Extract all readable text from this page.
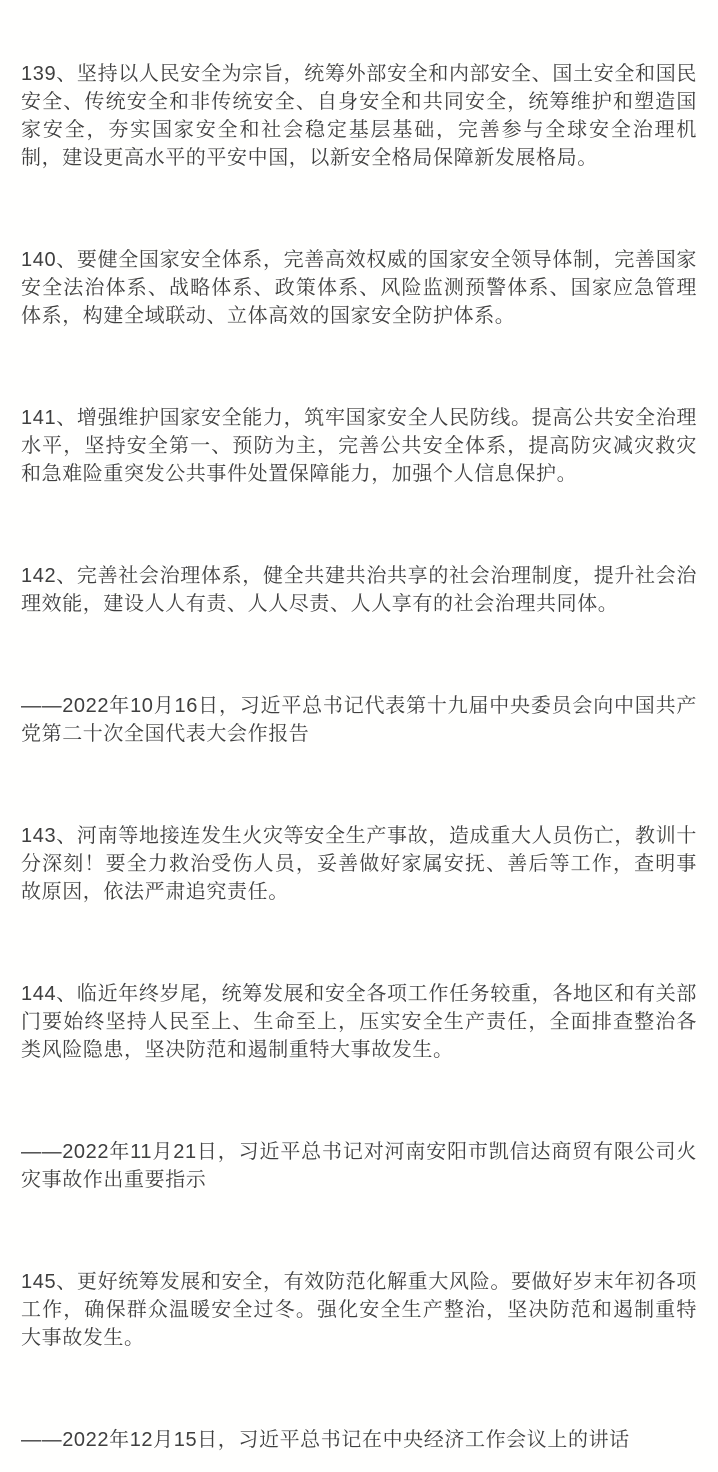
139、坚持以人民安全为宗旨，统筹外部安全和内部安全、国土安全和国民安全、传统安全和非传统安全、自身安全和共同安全，统筹维护和塑造国家安全，夯实国家安全和社会稳定基层基础，完善参与全球安全治理机制，建设更高水平的平安中国，以新安全格局保障新发展格局。

140、要健全国家安全体系，完善高效权威的国家安全领导体制，完善国家安全法治体系、战略体系、政策体系、风险监测预警体系、国家应急管理体系，构建全域联动、立体高效的国家安全防护体系。

141、增强维护国家安全能力，筑牢国家安全人民防线。提高公共安全治理水平，坚持安全第一、预防为主，完善公共安全体系，提高防灾减灾救灾和急难险重突发公共事件处置保障能力，加强个人信息保护。

142、完善社会治理体系，健全共建共治共享的社会治理制度，提升社会治理效能，建设人人有责、人人尽责、人人享有的社会治理共同体。

——2022年10月16日，习近平总书记代表第十九届中央委员会向中国共产党第二十次全国代表大会作报告

143、河南等地接连发生火灾等安全生产事故，造成重大人员伤亡，教训十分深刻！要全力救治受伤人员，妥善做好家属安抚、善后等工作，查明事故原因，依法严肃追究责任。

144、临近年终岁尾，统筹发展和安全各项工作任务较重，各地区和有关部门要始终坚持人民至上、生命至上，压实安全生产责任，全面排查整治各类风险隐患，坚决防范和遏制重特大事故发生。

——2022年11月21日，习近平总书记对河南安阳市凯信达商贸有限公司火灾事故作出重要指示

145、更好统筹发展和安全，有效防范化解重大风险。要做好岁末年初各项工作，确保群众温暖安全过冬。强化安全生产整治，坚决防范和遏制重特大事故发生。

——2022年12月15日，习近平总书记在中央经济工作会议上的讲话
